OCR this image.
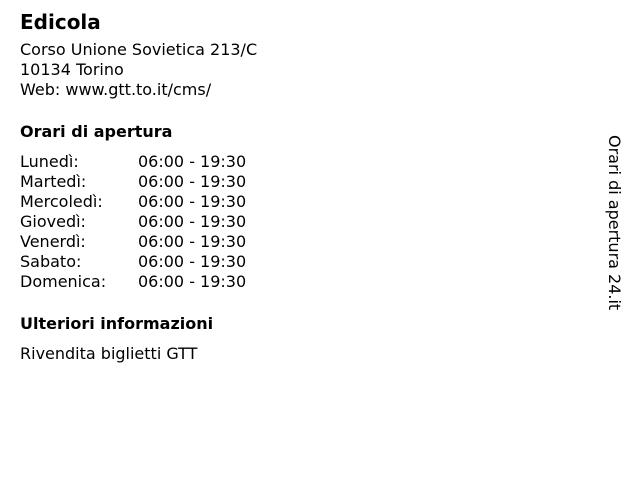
Edicola
Corso Unione Sovietica 213/C
10134 Torino
Web: www.gtt.to.it/cms/
Orari di apertura
Lunedì:	06:00 - 19:30
Martedì:	06:00 - 19:30
Mercoledì:	06:00 - 19:30
Giovedì:	06:00 - 19:30
Venerdì:	06:00 - 19:30
Sabato:	06:00 - 19:30
Domenica:	06:00 - 19:30
Ulteriori informazioni
Rivendita biglietti GTT
Orari di apertura 24.it
